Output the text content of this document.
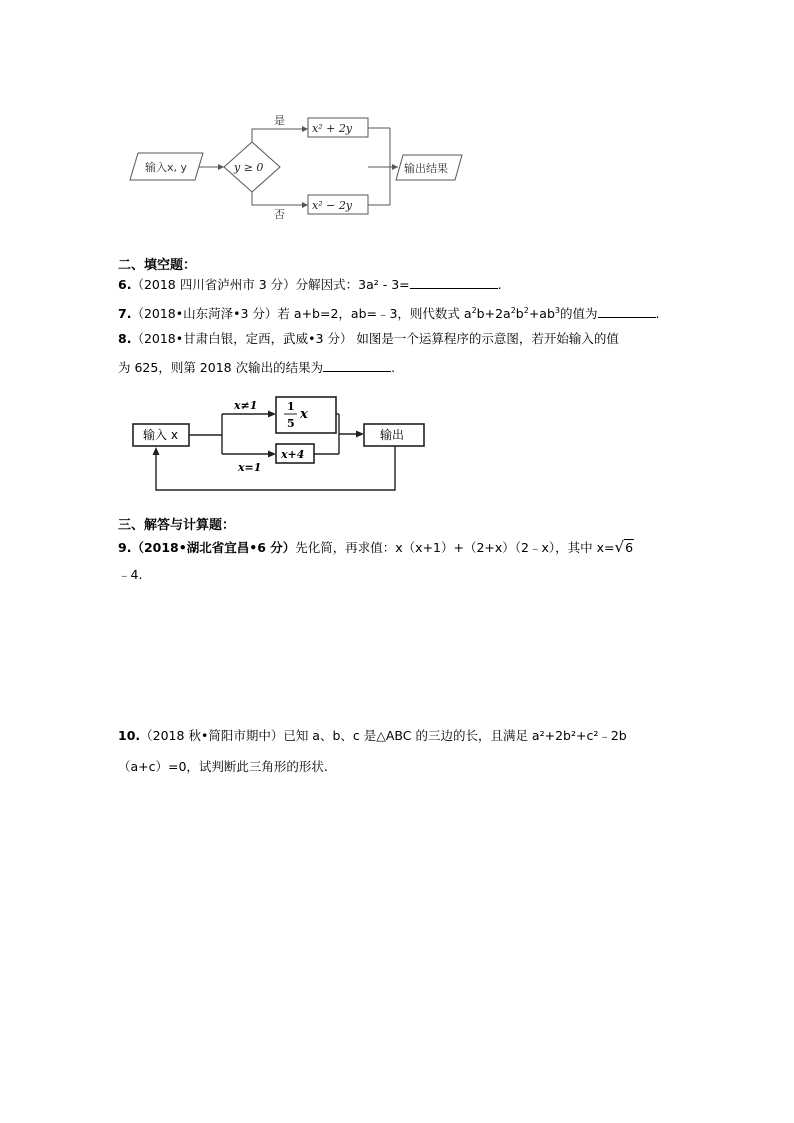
输入x, y	y ≥ 0
是
x² + 2y
否
x² − 2y
输出结果
二、填空题：
6.（2018 四川省泸州市 3 分）分解因式：3a² - 3=	.
7.（2018•山东菏泽•3 分）若 a+b=2，ab=﹣3，则代数式 $a^2b+2a^2b^2+ab^3$的值为	.
8.（2018•甘肃白银，定西，武威•3 分） 如图是一个运算程序的示意图，若开始输入的值
为 625，则第 2018 次输出的结果为	.
输入 x
x≠1	1
5
x
x=1
x+4
输出
三、解答与计算题：
9.（2018•湖北省宜昌•6 分）先化简，再求值：x（x+1）+（2+x）（2﹣x），其中 x=√6
﹣4.
10.（2018 秋•简阳市期中）已知 a、b、c 是△ABC 的三边的长，且满足 a²+2b²+c²﹣2b
（a+c）=0，试判断此三角形的形状.
